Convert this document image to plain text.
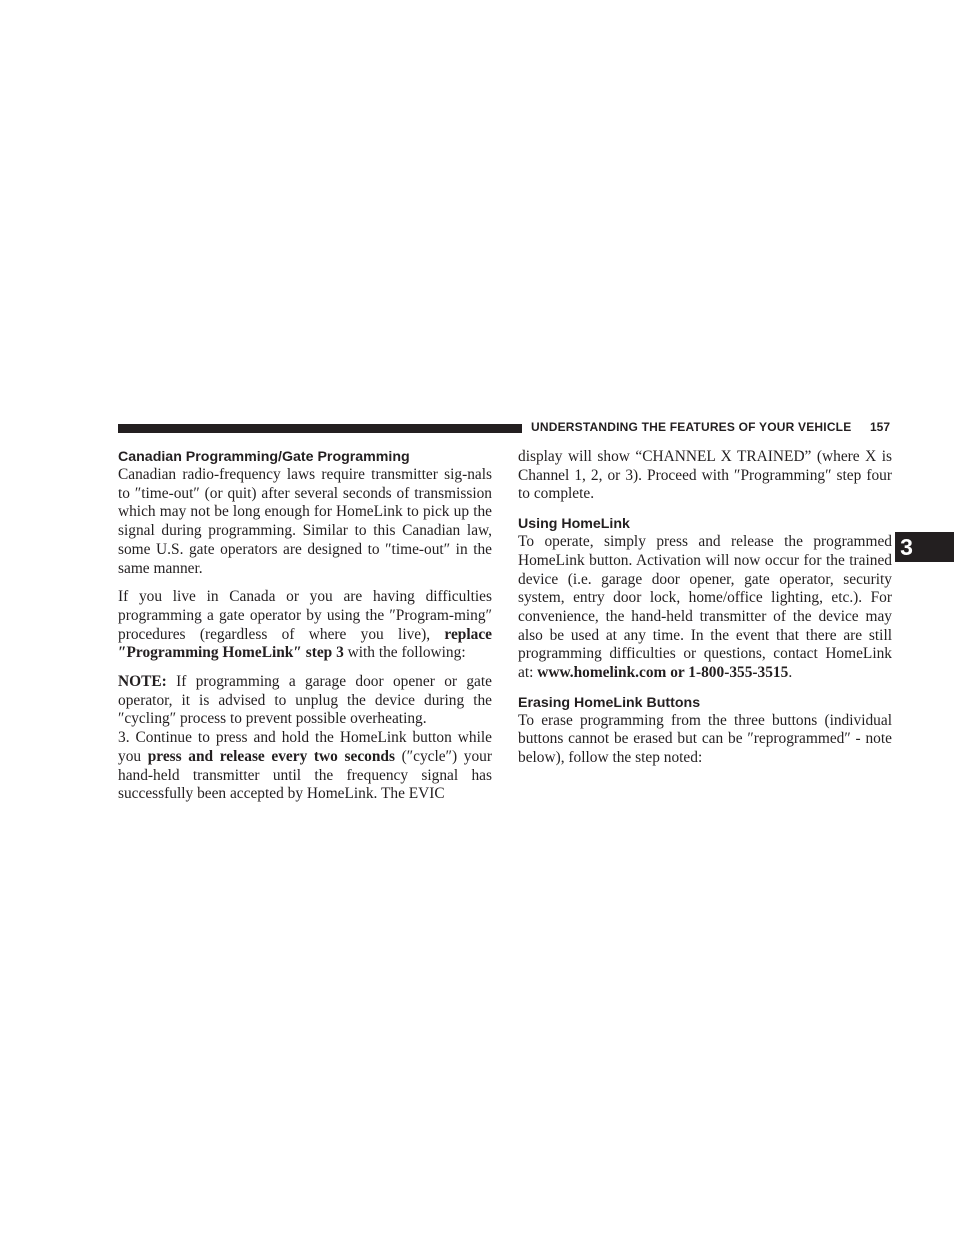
UNDERSTANDING THE FEATURES OF YOUR VEHICLE 157
3
Canadian Programming/Gate Programming

Canadian radio-frequency laws require transmitter sig-nals to ″time-out″ (or quit) after several seconds of transmission which may not be long enough for HomeLink to pick up the signal during programming. Similar to this Canadian law, some U.S. gate operators are designed to ″time-out″ in the same manner.

If you live in Canada or you are having difficulties programming a gate operator by using the ″Program-ming″ procedures (regardless of where you live), replace ″Programming HomeLink″ step 3 with the following:

NOTE: If programming a garage door opener or gate operator, it is advised to unplug the device during the ″cycling″ process to prevent possible overheating.

3. Continue to press and hold the HomeLink button while you press and release every two seconds (″cycle″) your hand-held transmitter until the frequency signal has successfully been accepted by HomeLink. The EVIC

display will show “CHANNEL X TRAINED” (where X is Channel 1, 2, or 3). Proceed with ″Programming″ step four to complete.

Using HomeLink

To operate, simply press and release the programmed HomeLink button. Activation will now occur for the trained device (i.e. garage door opener, gate operator, security system, entry door lock, home/office lighting, etc.). For convenience, the hand-held transmitter of the device may also be used at any time. In the event that there are still programming difficulties or questions, contact HomeLink at: www.homelink.com or 1-800-355-3515.

Erasing HomeLink Buttons

To erase programming from the three buttons (individual buttons cannot be erased but can be ″reprogrammed″ - note below), follow the step noted:
